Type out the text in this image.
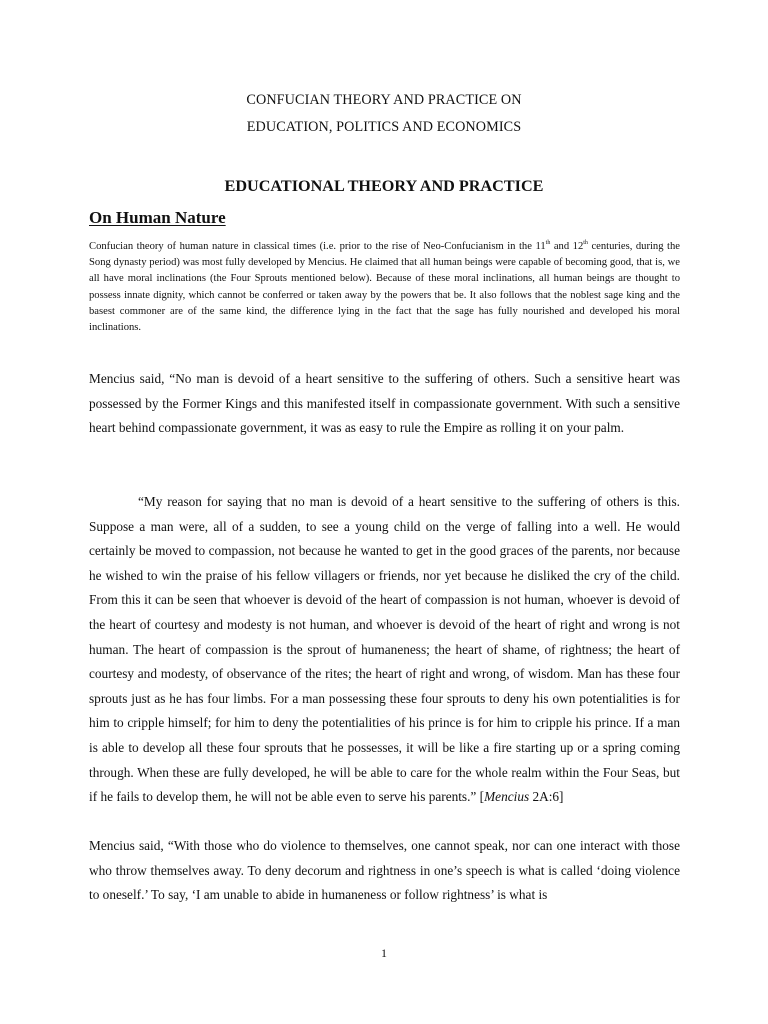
CONFUCIAN THEORY AND PRACTICE ON
EDUCATION, POLITICS AND ECONOMICS
EDUCATIONAL THEORY AND PRACTICE
On Human Nature
Confucian theory of human nature in classical times (i.e. prior to the rise of Neo-Confucianism in the 11th and 12th centuries, during the Song dynasty period) was most fully developed by Mencius. He claimed that all human beings were capable of becoming good, that is, we all have moral inclinations (the Four Sprouts mentioned below). Because of these moral inclinations, all human beings are thought to possess innate dignity, which cannot be conferred or taken away by the powers that be. It also follows that the noblest sage king and the basest commoner are of the same kind, the difference lying in the fact that the sage has fully nourished and developed his moral inclinations.
Mencius said, “No man is devoid of a heart sensitive to the suffering of others. Such a sensitive heart was possessed by the Former Kings and this manifested itself in compassionate government. With such a sensitive heart behind compassionate government, it was as easy to rule the Empire as rolling it on your palm.
“My reason for saying that no man is devoid of a heart sensitive to the suffering of others is this. Suppose a man were, all of a sudden, to see a young child on the verge of falling into a well. He would certainly be moved to compassion, not because he wanted to get in the good graces of the parents, nor because he wished to win the praise of his fellow villagers or friends, nor yet because he disliked the cry of the child. From this it can be seen that whoever is devoid of the heart of compassion is not human, whoever is devoid of the heart of courtesy and modesty is not human, and whoever is devoid of the heart of right and wrong is not human. The heart of compassion is the sprout of humaneness; the heart of shame, of rightness; the heart of courtesy and modesty, of observance of the rites; the heart of right and wrong, of wisdom. Man has these four sprouts just as he has four limbs. For a man possessing these four sprouts to deny his own potentialities is for him to cripple himself; for him to deny the potentialities of his prince is for him to cripple his prince. If a man is able to develop all these four sprouts that he possesses, it will be like a fire starting up or a spring coming through. When these are fully developed, he will be able to care for the whole realm within the Four Seas, but if he fails to develop them, he will not be able even to serve his parents.” [Mencius 2A:6]
Mencius said, “With those who do violence to themselves, one cannot speak, nor can one interact with those who throw themselves away. To deny decorum and rightness in one’s speech is what is called ‘doing violence to oneself.’ To say, ‘I am unable to abide in humaneness or follow rightness’ is what is
1
